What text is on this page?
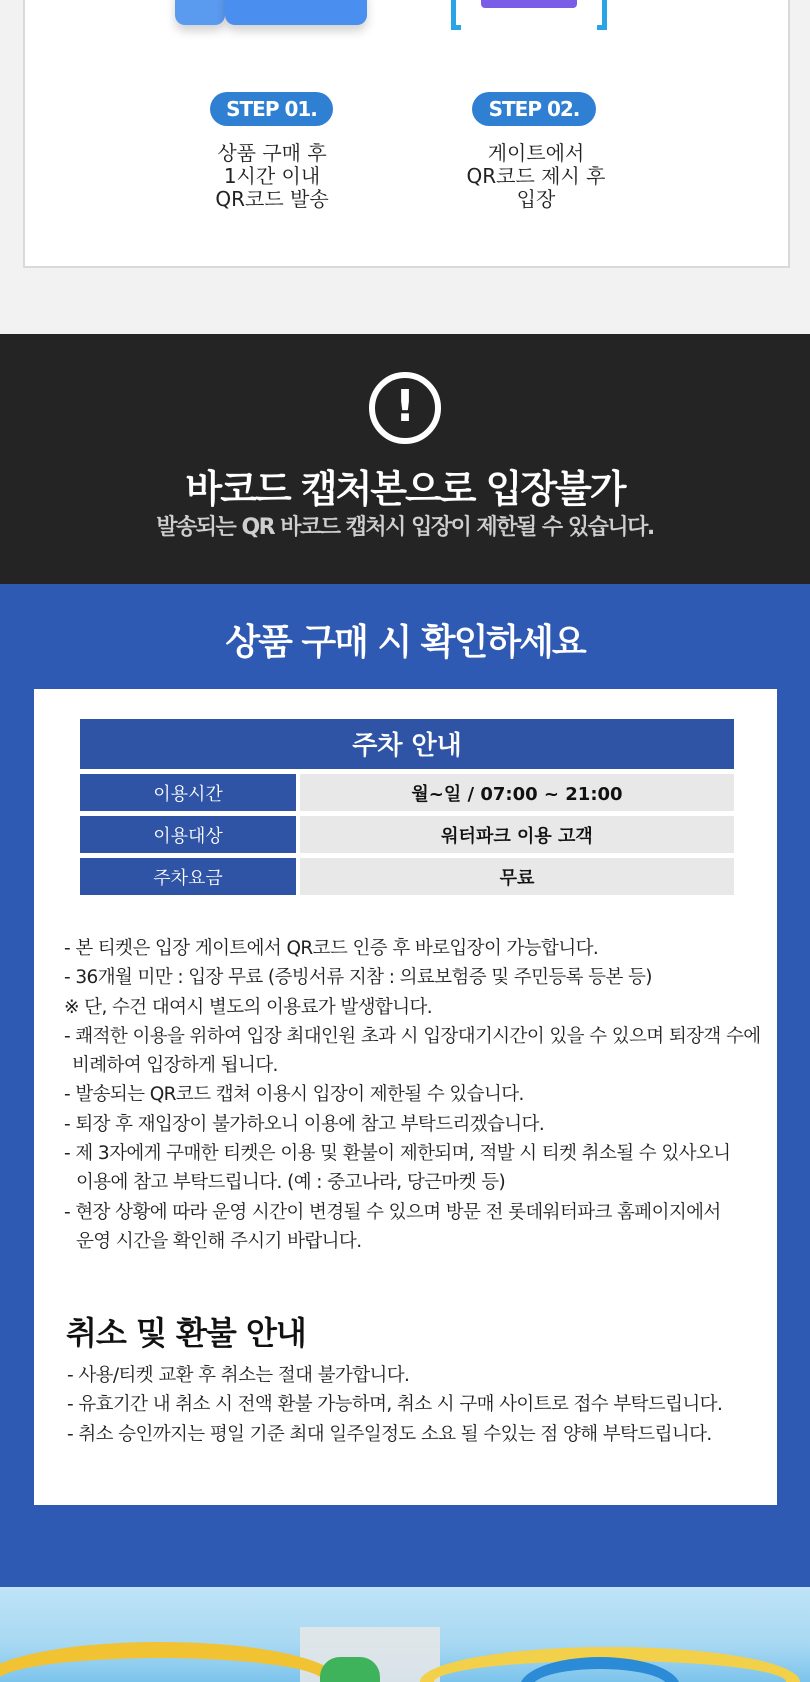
STEP 01.
상품 구매 후
1시간 이내
QR코드 발송
STEP 02.
게이트에서
QR코드 제시 후
입장
!
바코드 캡처본으로 입장불가
발송되는 QR 바코드 캡처시 입장이 제한될 수 있습니다.
상품 구매 시 확인하세요
주차 안내
이용시간	월~일 / 07:00 ~ 21:00
이용대상	워터파크 이용 고객
주차요금	무료
- 본 티켓은 입장 게이트에서 QR코드 인증 후 바로입장이 가능합니다.
- 36개월 미만 : 입장 무료 (증빙서류 지참 : 의료보험증 및 주민등록 등본 등)
※ 단, 수건 대여시 별도의 이용료가 발생합니다.
- 쾌적한 이용을 위하여 입장 최대인원 초과 시 입장대기시간이 있을 수 있으며 퇴장객 수에
비례하여 입장하게 됩니다.
- 발송되는 QR코드 캡쳐 이용시 입장이 제한될 수 있습니다.
- 퇴장 후 재입장이 불가하오니 이용에 참고 부탁드리겠습니다.
- 제 3자에게 구매한 티켓은 이용 및 환불이 제한되며, 적발 시 티켓 취소될 수 있사오니
이용에 참고 부탁드립니다. (예 : 중고나라, 당근마켓 등)
- 현장 상황에 따라 운영 시간이 변경될 수 있으며 방문 전 롯데워터파크 홈페이지에서
운영 시간을 확인해 주시기 바랍니다.
취소 및 환불 안내
- 사용/티켓 교환 후 취소는 절대 불가합니다.
- 유효기간 내 취소 시 전액 환불 가능하며, 취소 시 구매 사이트로 접수 부탁드립니다.
- 취소 승인까지는 평일 기준 최대 일주일정도 소요 될 수있는 점 양해 부탁드립니다.
